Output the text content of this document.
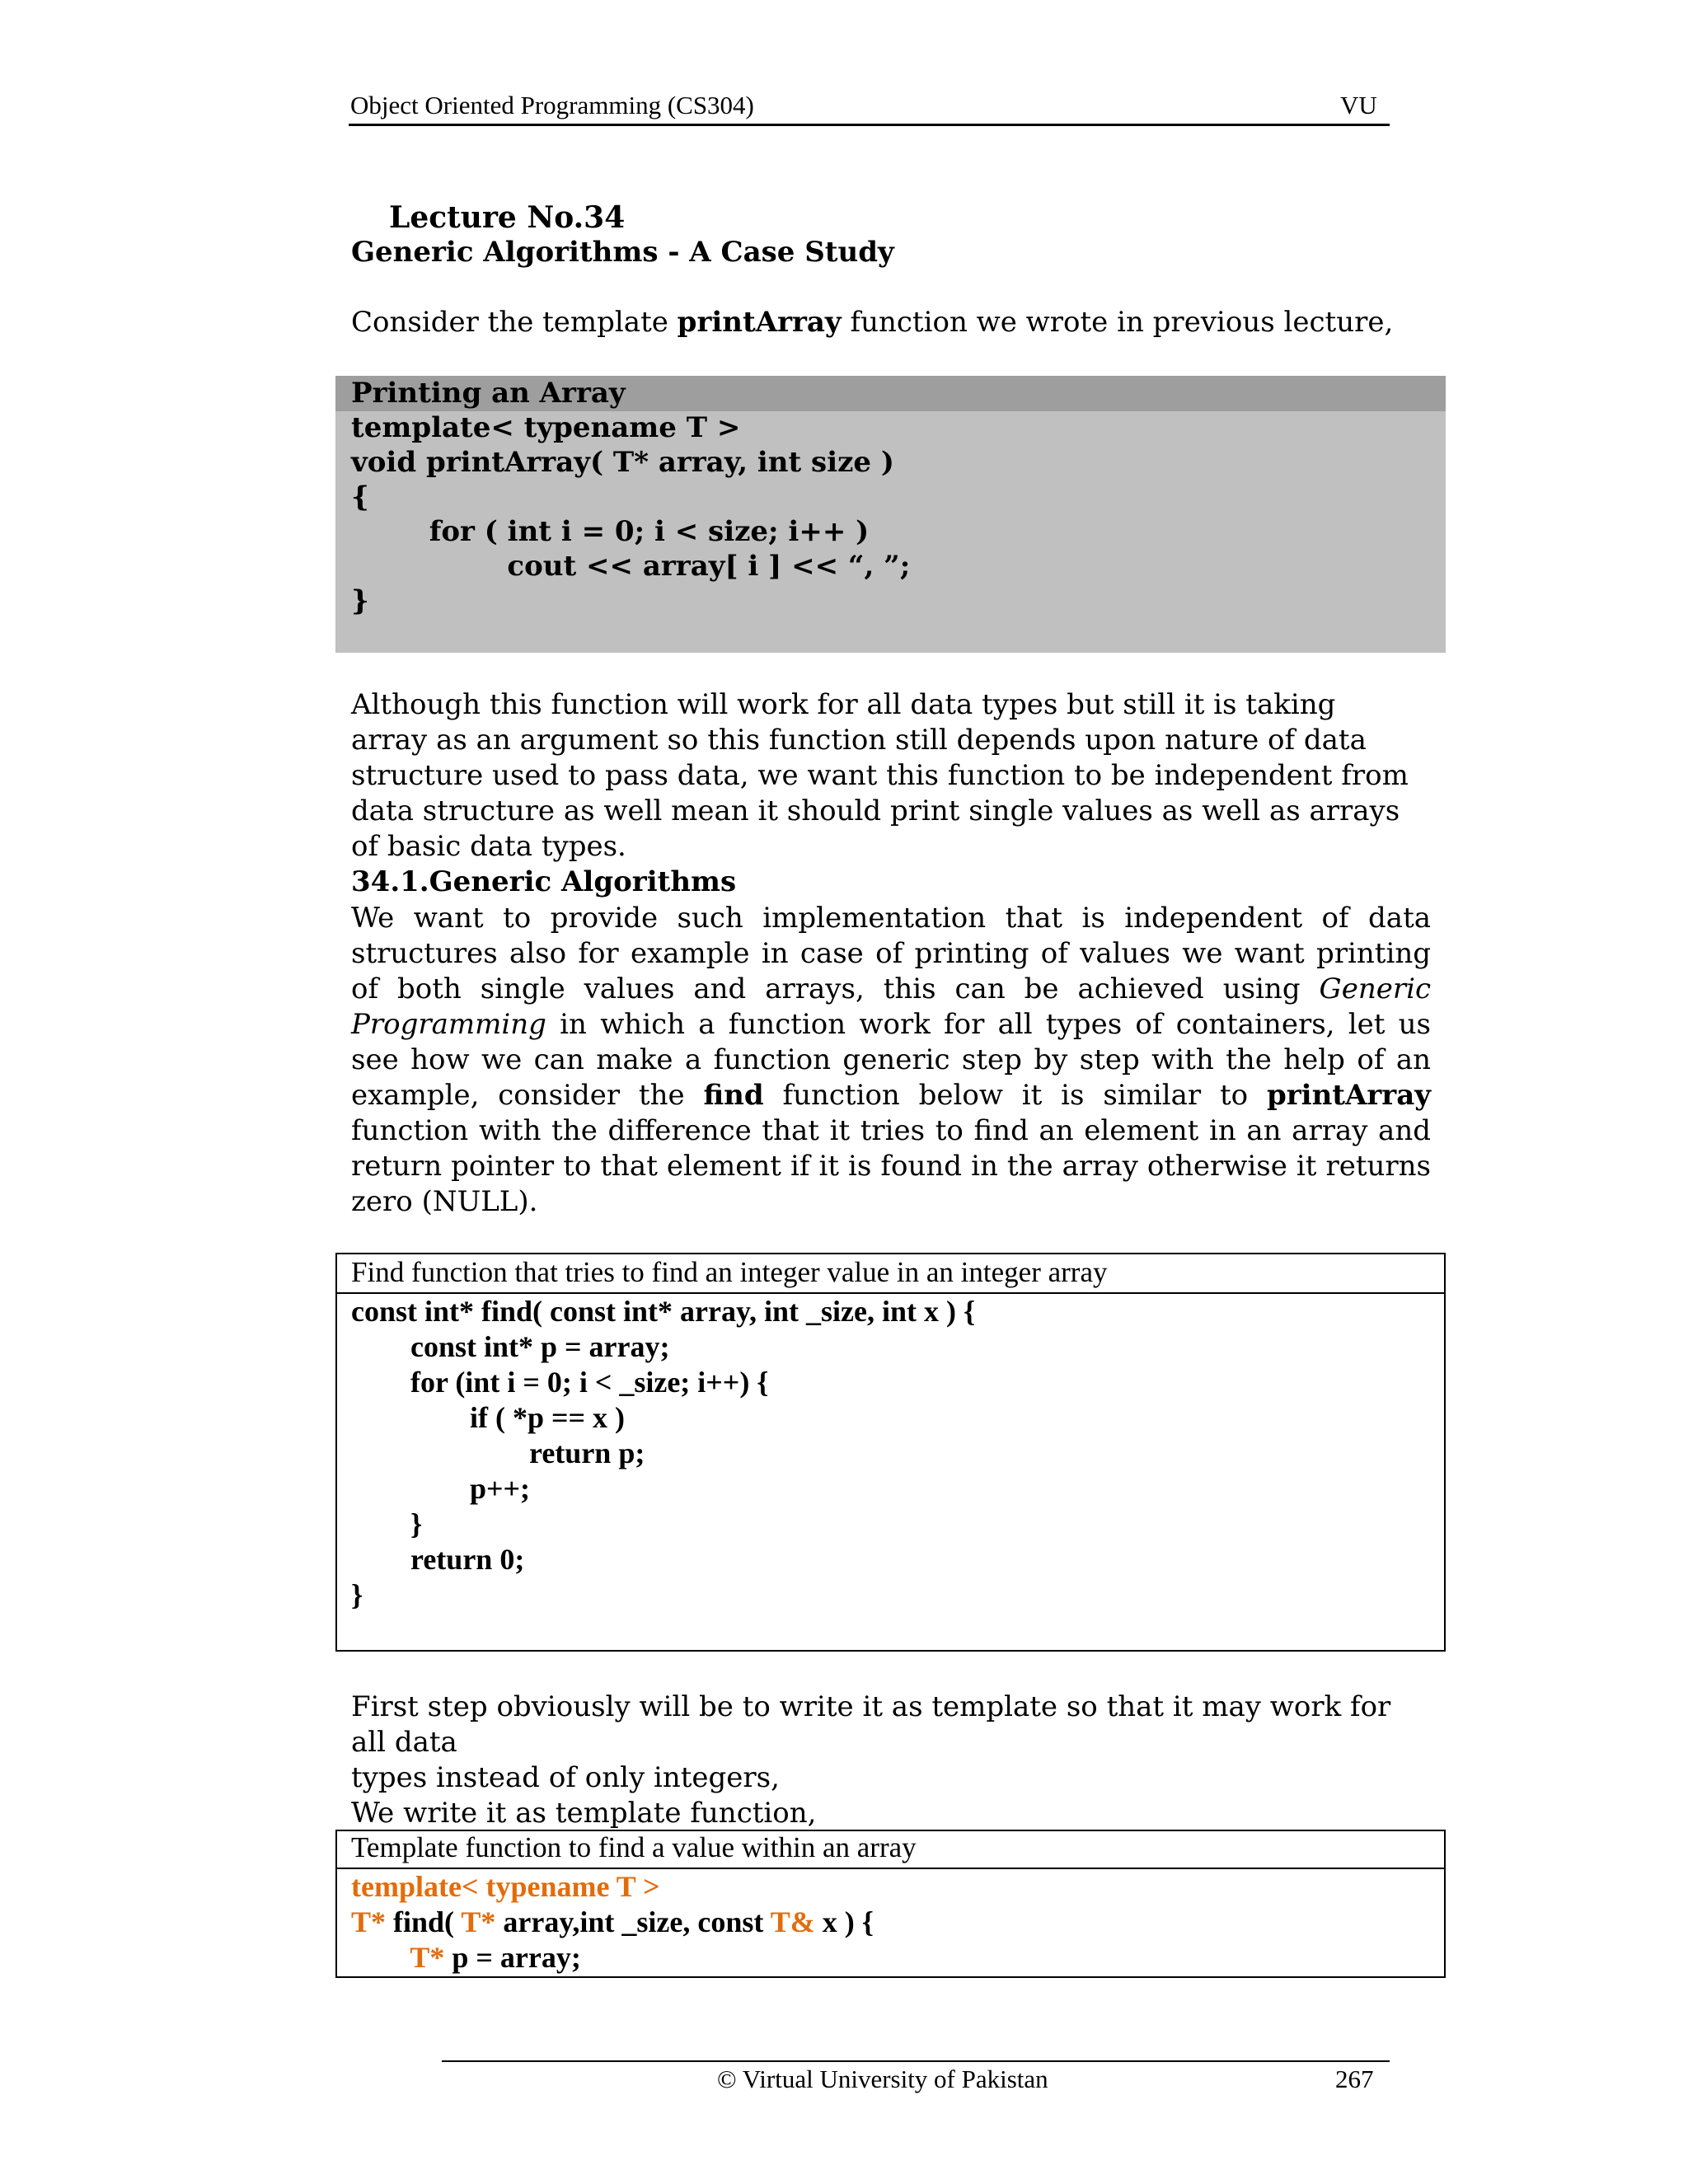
Object Oriented Programming (CS304)	VU
Lecture No.34
Generic Algorithms - A Case Study
Consider the template printArray function we wrote in previous lecture,
Printing an Array
template< typename T >
void printArray( T* array, int size )
{
for ( int i = 0; i < size; i++ )
cout << array[ i ] << “, ”;
}
Although this function will work for all data types but still it is taking array as an argument so this function still depends upon nature of data structure used to pass data, we want this function to be independent from data structure as well mean it should print single values as well as arrays of basic data types.
34.1.Generic Algorithms
We want to provide such implementation that is independent of data structures also for example in case of printing of values we want printing of both single values and arrays, this can be achieved using Generic Programming in which a function work for all types of containers, let us see how we can make a function generic step by step with the help of an example, consider the find function below it is similar to printArray function with the difference that it tries to find an element in an array and return pointer to that element if it is found in the array otherwise it returns zero (NULL).
Find function that tries to find an integer value in an integer array
const int* find( const int* array, int _size, int x ) {
const int* p = array;
for (int i = 0; i < _size; i++) {
if ( *p == x )
return p;
p++;
}
return 0;
}
First step obviously will be to write it as template so that it may work for all data
types instead of only integers,
We write it as template function,
Template function to find a value within an array
template< typename T >
T* find( T* array,int _size, const T& x ) {
T* p = array;
© Virtual University of Pakistan	267
